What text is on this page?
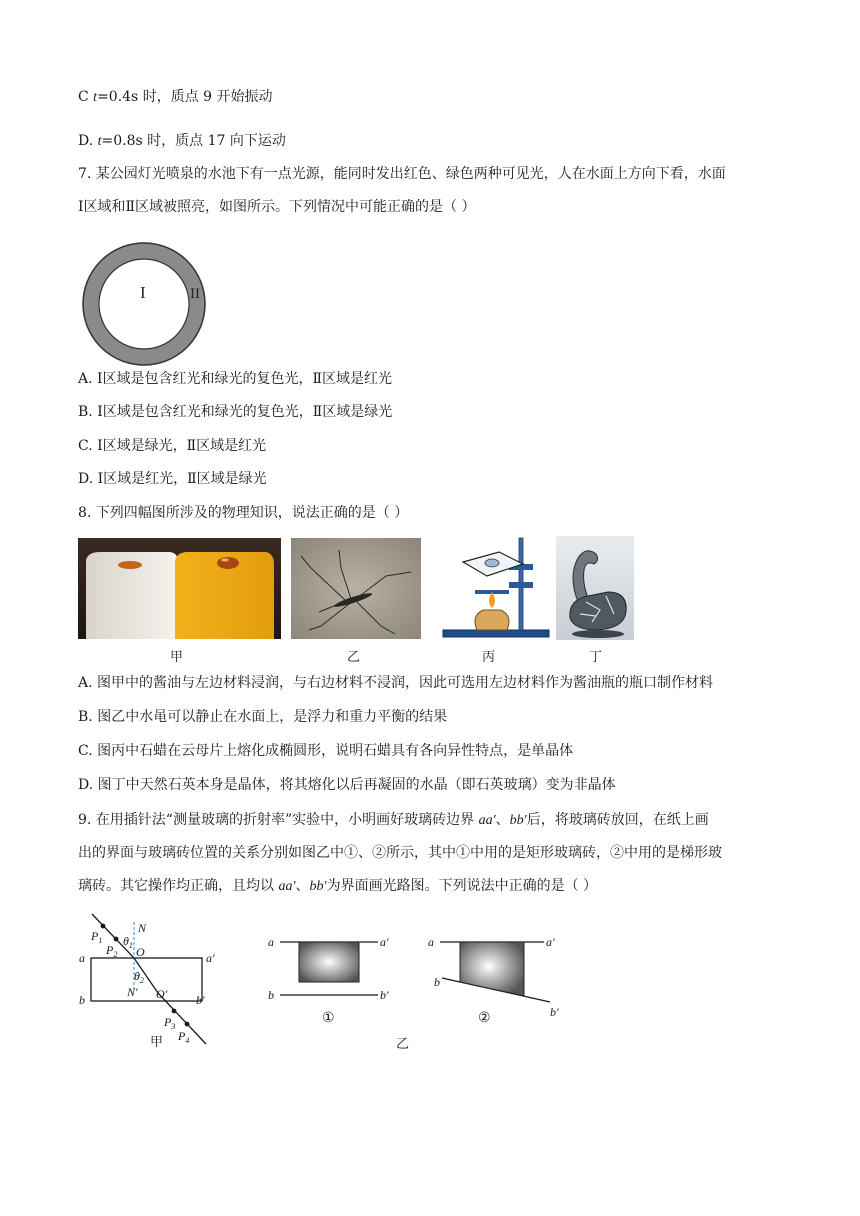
C t=0.4s 时，质点 9 开始振动
D. t=0.8s 时，质点 17 向下运动
7. 某公园灯光喷泉的水池下有一点光源，能同时发出红色、绿色两种可见光，人在水面上方向下看，水面
Ⅰ区域和Ⅱ区域被照亮，如图所示。下列情况中可能正确的是（ ）
I	II
A. Ⅰ区域是包含红光和绿光的复色光，Ⅱ区域是红光
B. Ⅰ区域是包含红光和绿光的复色光，Ⅱ区域是绿光
C. Ⅰ区域是绿光，Ⅱ区域是红光
D. Ⅰ区域是红光，Ⅱ区域是绿光
8. 下列四幅图所涉及的物理知识，说法正确的是（ ）
甲	乙	丙	丁
A. 图甲中的酱油与左边材料浸润，与右边材料不浸润，因此可选用左边材料作为酱油瓶的瓶口制作材料
B. 图乙中水黾可以静止在水面上，是浮力和重力平衡的结果
C. 图丙中石蜡在云母片上熔化成椭圆形，说明石蜡具有各向异性特点，是单晶体
D. 图丁中天然石英本身是晶体，将其熔化以后再凝固的水晶（即石英玻璃）变为非晶体
9. 在用插针法“测量玻璃的折射率”实验中，小明画好玻璃砖边界 aa′、bb′后，将玻璃砖放回，在纸上画
出的界面与玻璃砖位置的关系分别如图乙中①、②所示，其中①中用的是矩形玻璃砖，②中用的是梯形玻
璃砖。其它操作均正确，且均以 aa′、bb′为界面画光路图。下列说法中正确的是（ ）
$P_1$
$P_2$
N
$\theta_1$ O
a	a′
$\theta_2$
b
N′ O′ b′
$P_3$
$P_4$
甲
a	a′
b	b′
①
a	a′
b
b′
②
乙
